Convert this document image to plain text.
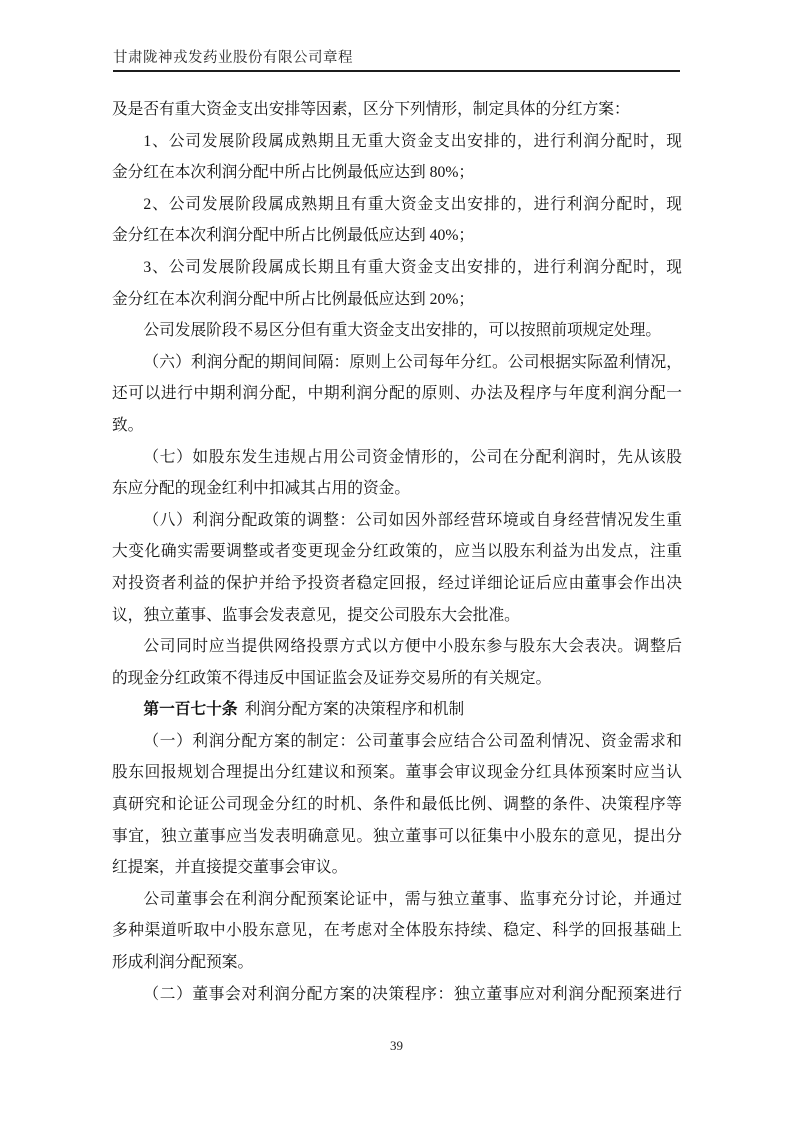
甘肃陇神戎发药业股份有限公司章程
及是否有重大资金支出安排等因素，区分下列情形，制定具体的分红方案：
1、公司发展阶段属成熟期且无重大资金支出安排的，进行利润分配时，现
金分红在本次利润分配中所占比例最低应达到 80%；
2、公司发展阶段属成熟期且有重大资金支出安排的，进行利润分配时，现
金分红在本次利润分配中所占比例最低应达到 40%；
3、公司发展阶段属成长期且有重大资金支出安排的，进行利润分配时，现
金分红在本次利润分配中所占比例最低应达到 20%；
公司发展阶段不易区分但有重大资金支出安排的，可以按照前项规定处理。
（六）利润分配的期间间隔：原则上公司每年分红。公司根据实际盈利情况，
还可以进行中期利润分配，中期利润分配的原则、办法及程序与年度利润分配一
致。
（七）如股东发生违规占用公司资金情形的，公司在分配利润时，先从该股
东应分配的现金红利中扣减其占用的资金。
（八）利润分配政策的调整：公司如因外部经营环境或自身经营情况发生重
大变化确实需要调整或者变更现金分红政策的，应当以股东利益为出发点，注重
对投资者利益的保护并给予投资者稳定回报，经过详细论证后应由董事会作出决
议，独立董事、监事会发表意见，提交公司股东大会批准。
公司同时应当提供网络投票方式以方便中小股东参与股东大会表决。调整后
的现金分红政策不得违反中国证监会及证券交易所的有关规定。
第一百七十条 利润分配方案的决策程序和机制
（一）利润分配方案的制定：公司董事会应结合公司盈利情况、资金需求和
股东回报规划合理提出分红建议和预案。董事会审议现金分红具体预案时应当认
真研究和论证公司现金分红的时机、条件和最低比例、调整的条件、决策程序等
事宜，独立董事应当发表明确意见。独立董事可以征集中小股东的意见，提出分
红提案，并直接提交董事会审议。
公司董事会在利润分配预案论证中，需与独立董事、监事充分讨论，并通过
多种渠道听取中小股东意见，在考虑对全体股东持续、稳定、科学的回报基础上
形成利润分配预案。
（二）董事会对利润分配方案的决策程序：独立董事应对利润分配预案进行
39
